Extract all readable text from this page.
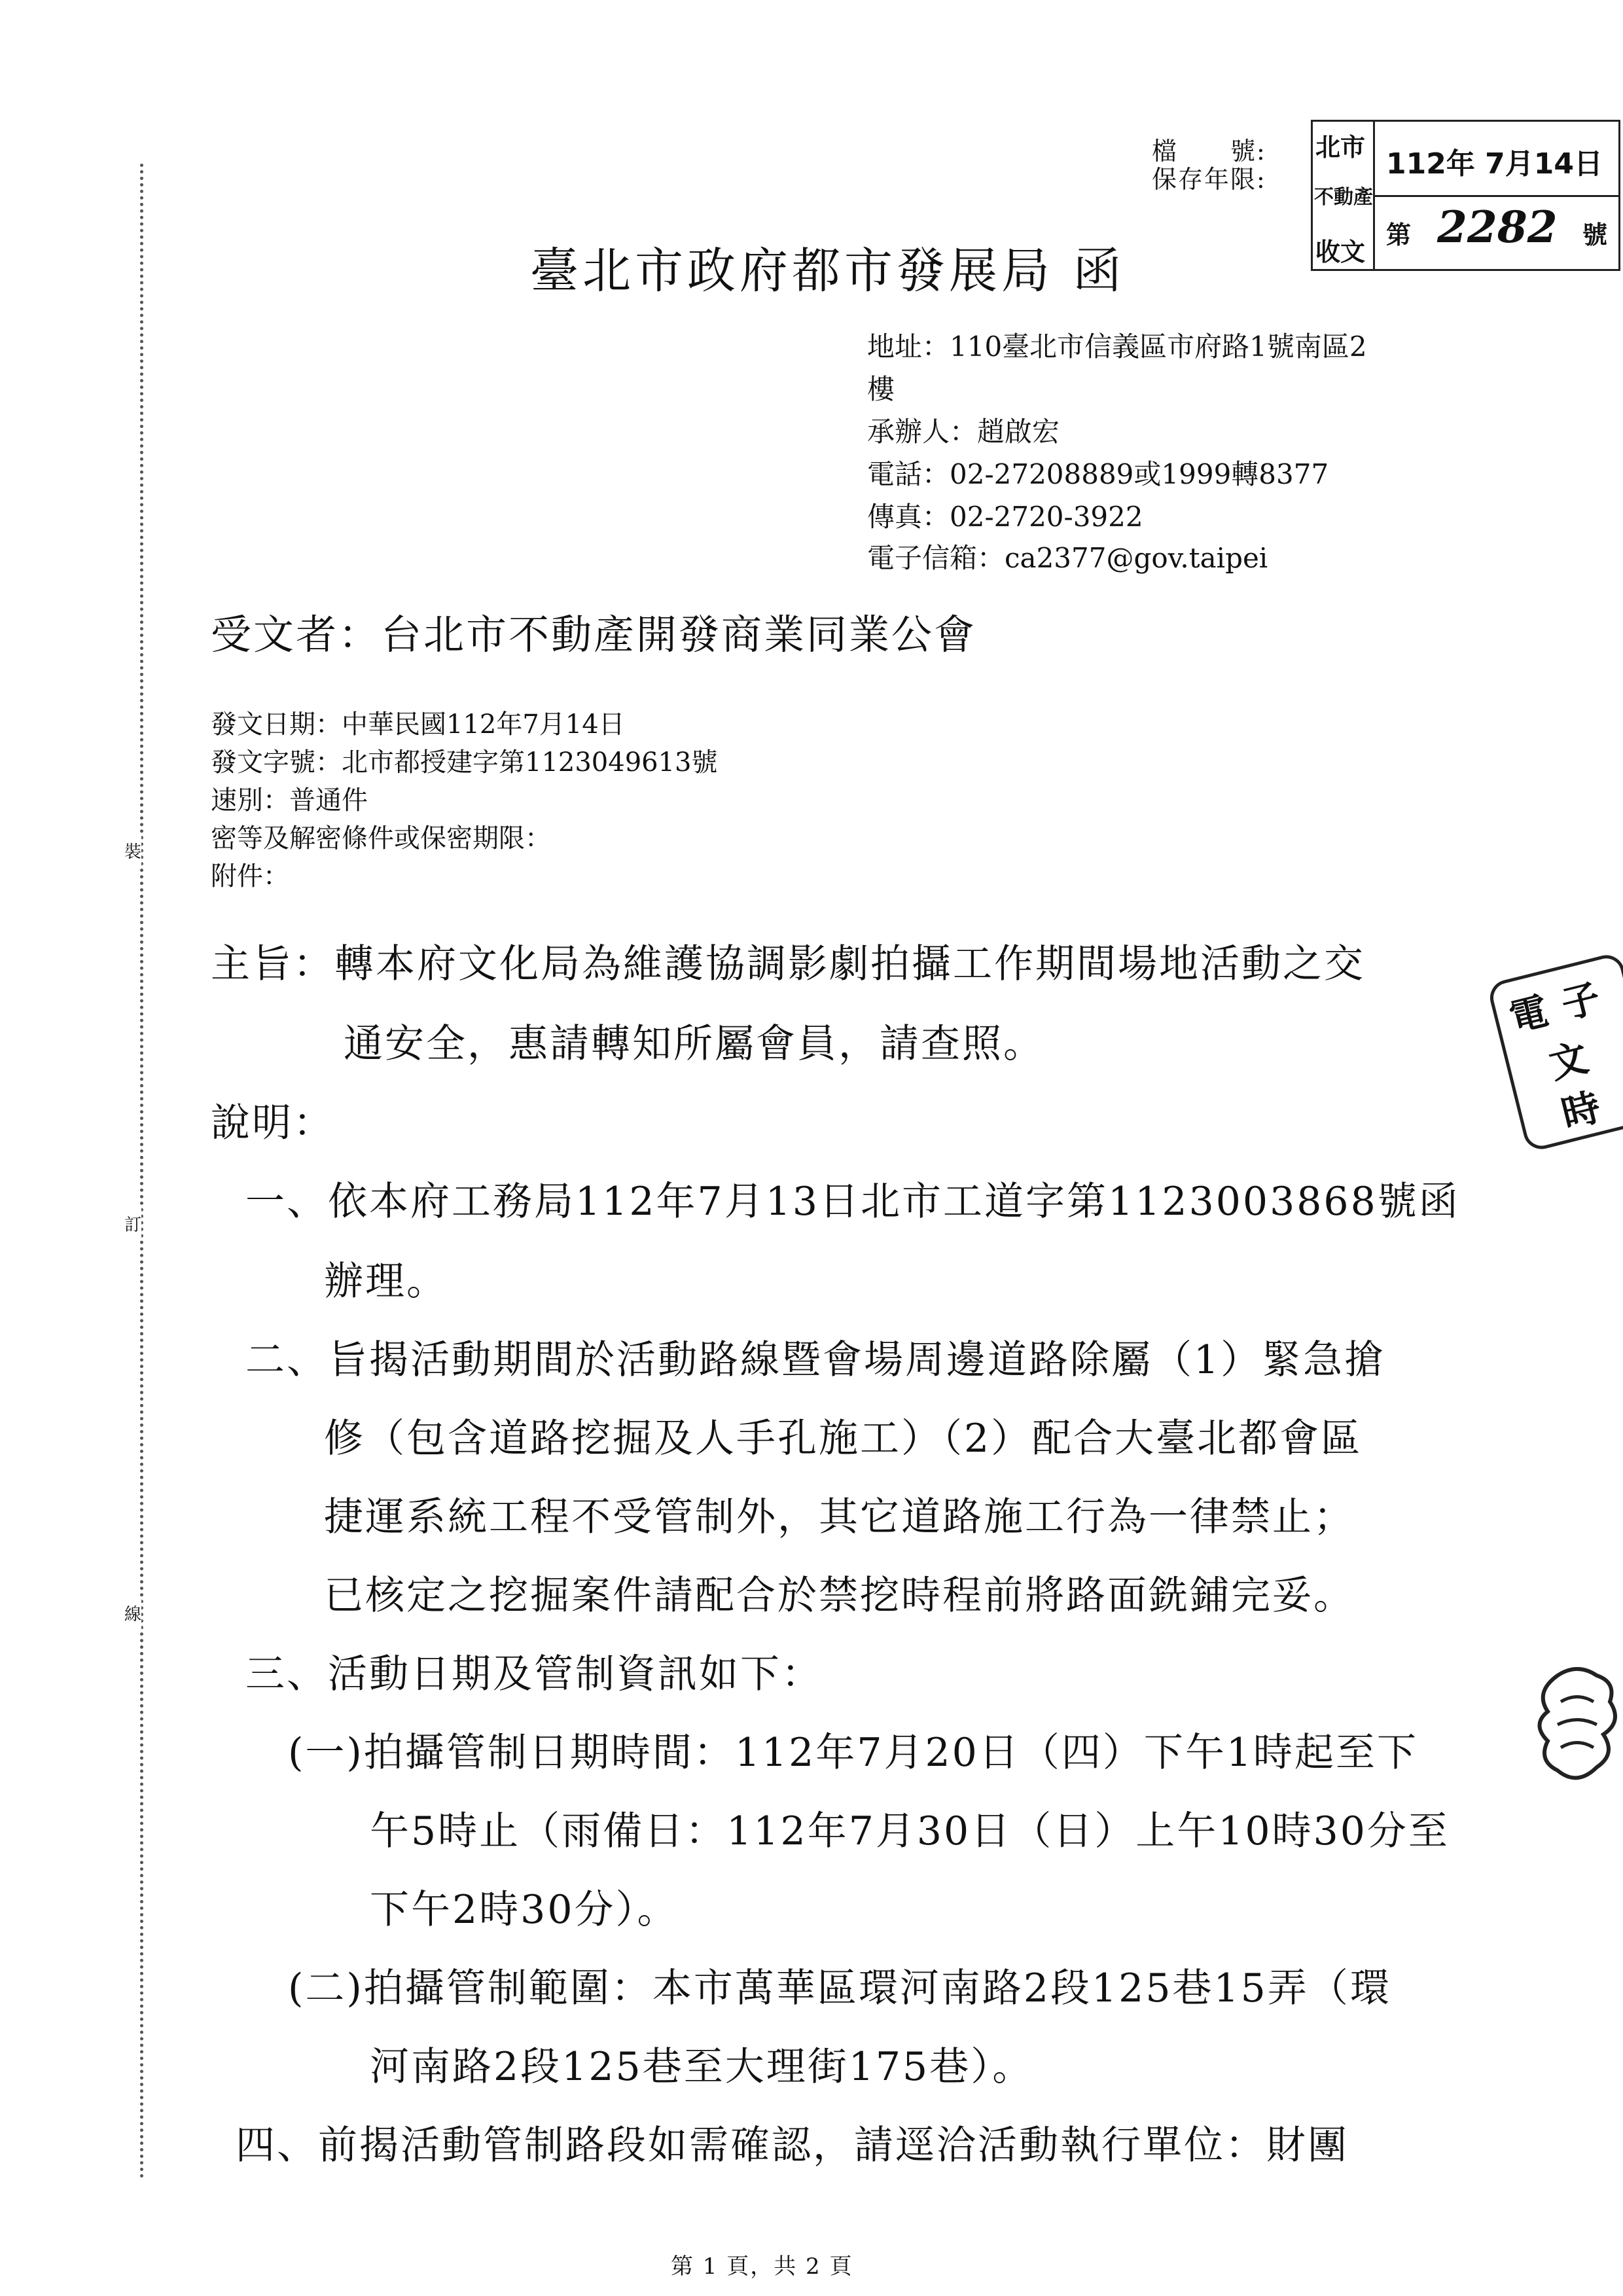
裝
訂
線
檔　　號:
保存年限:
北市
不動產
收文
112年 7月14日
第 2282 號
臺北市政府都市發展局 函
地址：110臺北市信義區市府路1號南區2
樓
承辦人：趙啟宏
電話：02-27208889或1999轉8377
傳真：02-2720-3922
電子信箱：ca2377@gov.taipei
受文者：台北市不動產開發商業同業公會
發文日期：中華民國112年7月14日
發文字號：北市都授建字第1123049613號
速別：普通件
密等及解密條件或保密期限：
附件：
主旨：轉本府文化局為維護協調影劇拍攝工作期間場地活動之交
通安全，惠請轉知所屬會員，請查照。
說明：
一、依本府工務局112年7月13日北市工道字第1123003868號函
辦理。
二、旨揭活動期間於活動路線暨會場周邊道路除屬（1）緊急搶
修（包含道路挖掘及人手孔施工）（2）配合大臺北都會區
捷運系統工程不受管制外，其它道路施工行為一律禁止；
已核定之挖掘案件請配合於禁挖時程前將路面銑鋪完妥。
三、活動日期及管制資訊如下：
(一)拍攝管制日期時間：112年7月20日（四）下午1時起至下
午5時止（雨備日：112年7月30日（日）上午10時30分至
下午2時30分）。
(二)拍攝管制範圍：本市萬華區環河南路2段125巷15弄（環
河南路2段125巷至大理街175巷）。
四、前揭活動管制路段如需確認，請逕洽活動執行單位：財團
第 1 頁，共 2 頁
電 子
文
時
